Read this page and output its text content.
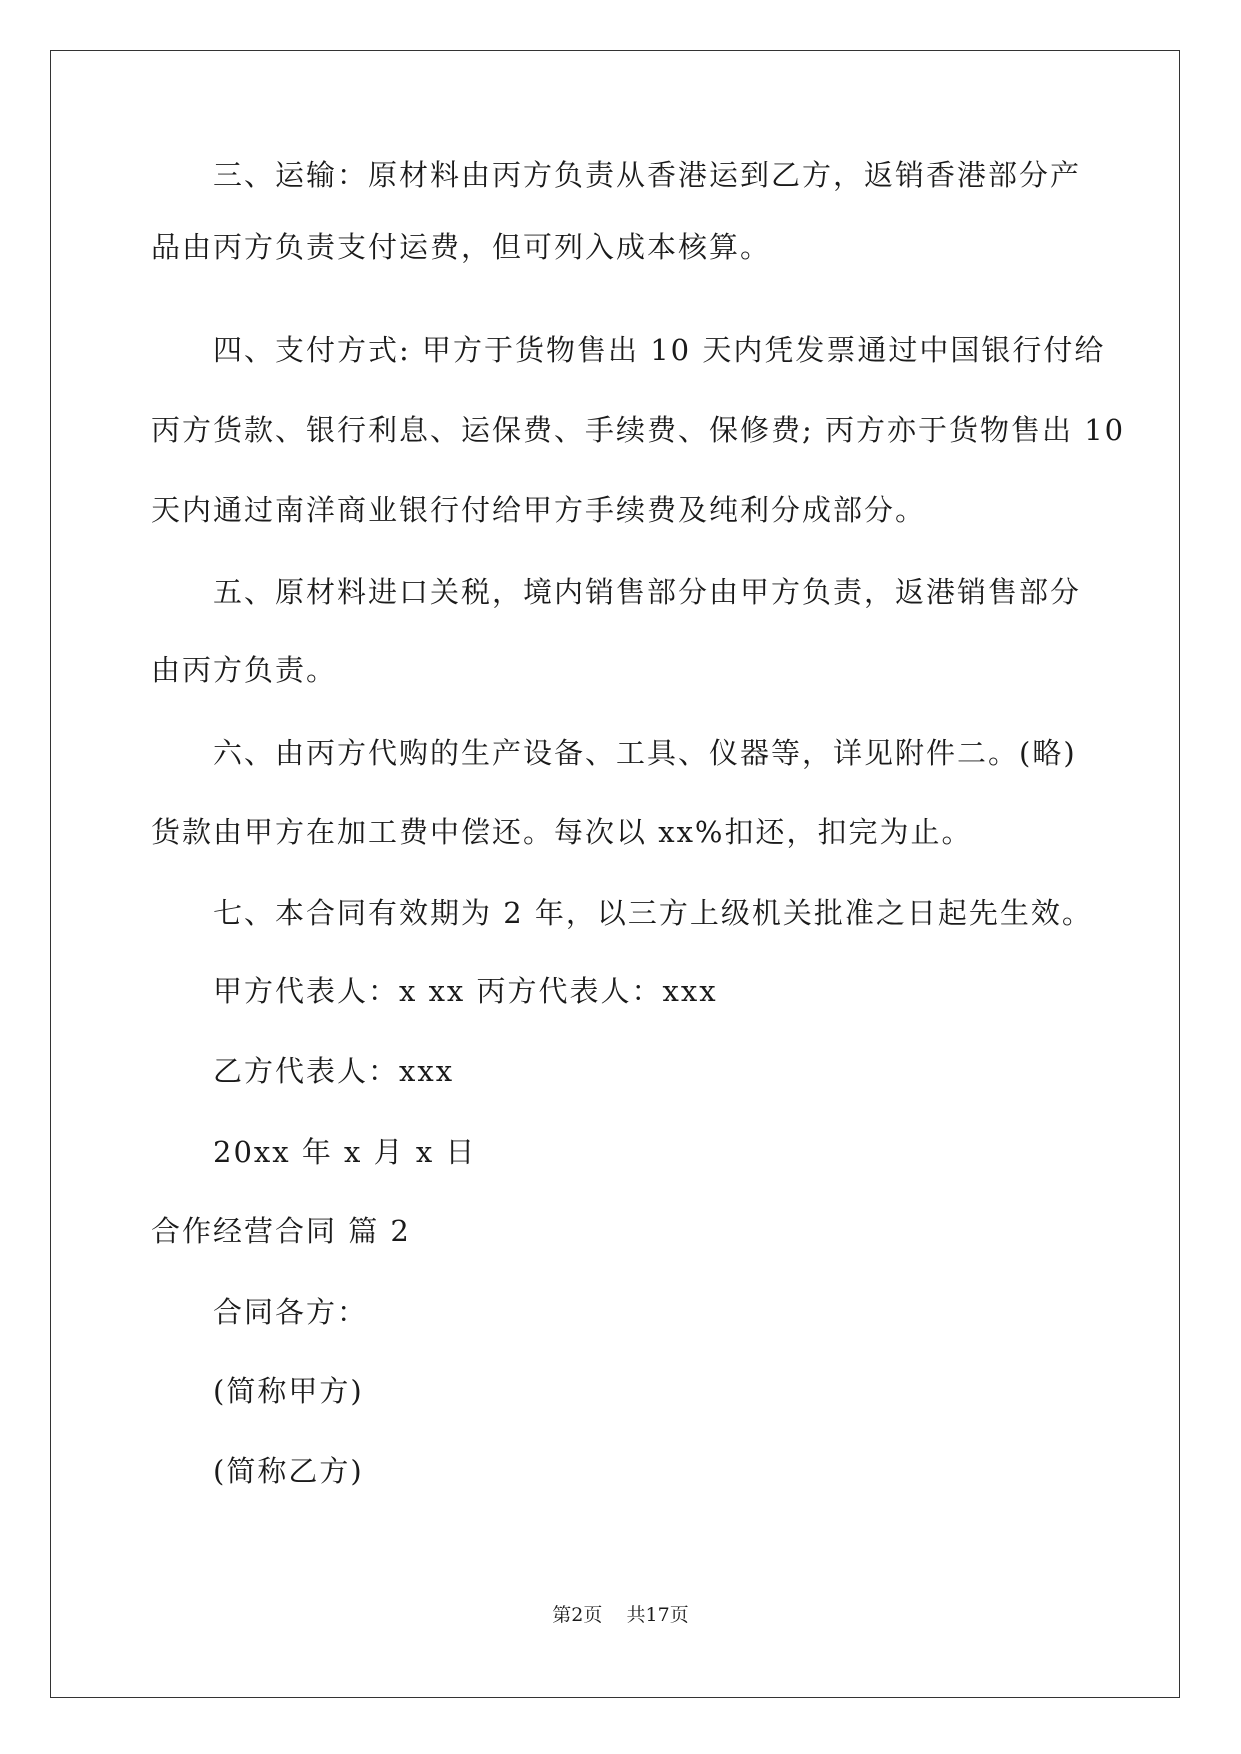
三、运输：原材料由丙方负责从香港运到乙方，返销香港部分产
品由丙方负责支付运费，但可列入成本核算。
四、支付方式: 甲方于货物售出 10 天内凭发票通过中国银行付给
丙方货款、银行利息、运保费、手续费、保修费; 丙方亦于货物售出 10
天内通过南洋商业银行付给甲方手续费及纯利分成部分。
五、原材料进口关税，境内销售部分由甲方负责，返港销售部分
由丙方负责。
六、由丙方代购的生产设备、工具、仪器等，详见附件二。(略)
货款由甲方在加工费中偿还。每次以 xx%扣还，扣完为止。
七、本合同有效期为 2 年，以三方上级机关批准之日起先生效。
甲方代表人：x xx 丙方代表人：xxx
乙方代表人：xxx
20xx 年 x 月 x 日
合作经营合同 篇 2
合同各方：
(简称甲方)
(简称乙方)
第2页    共17页
